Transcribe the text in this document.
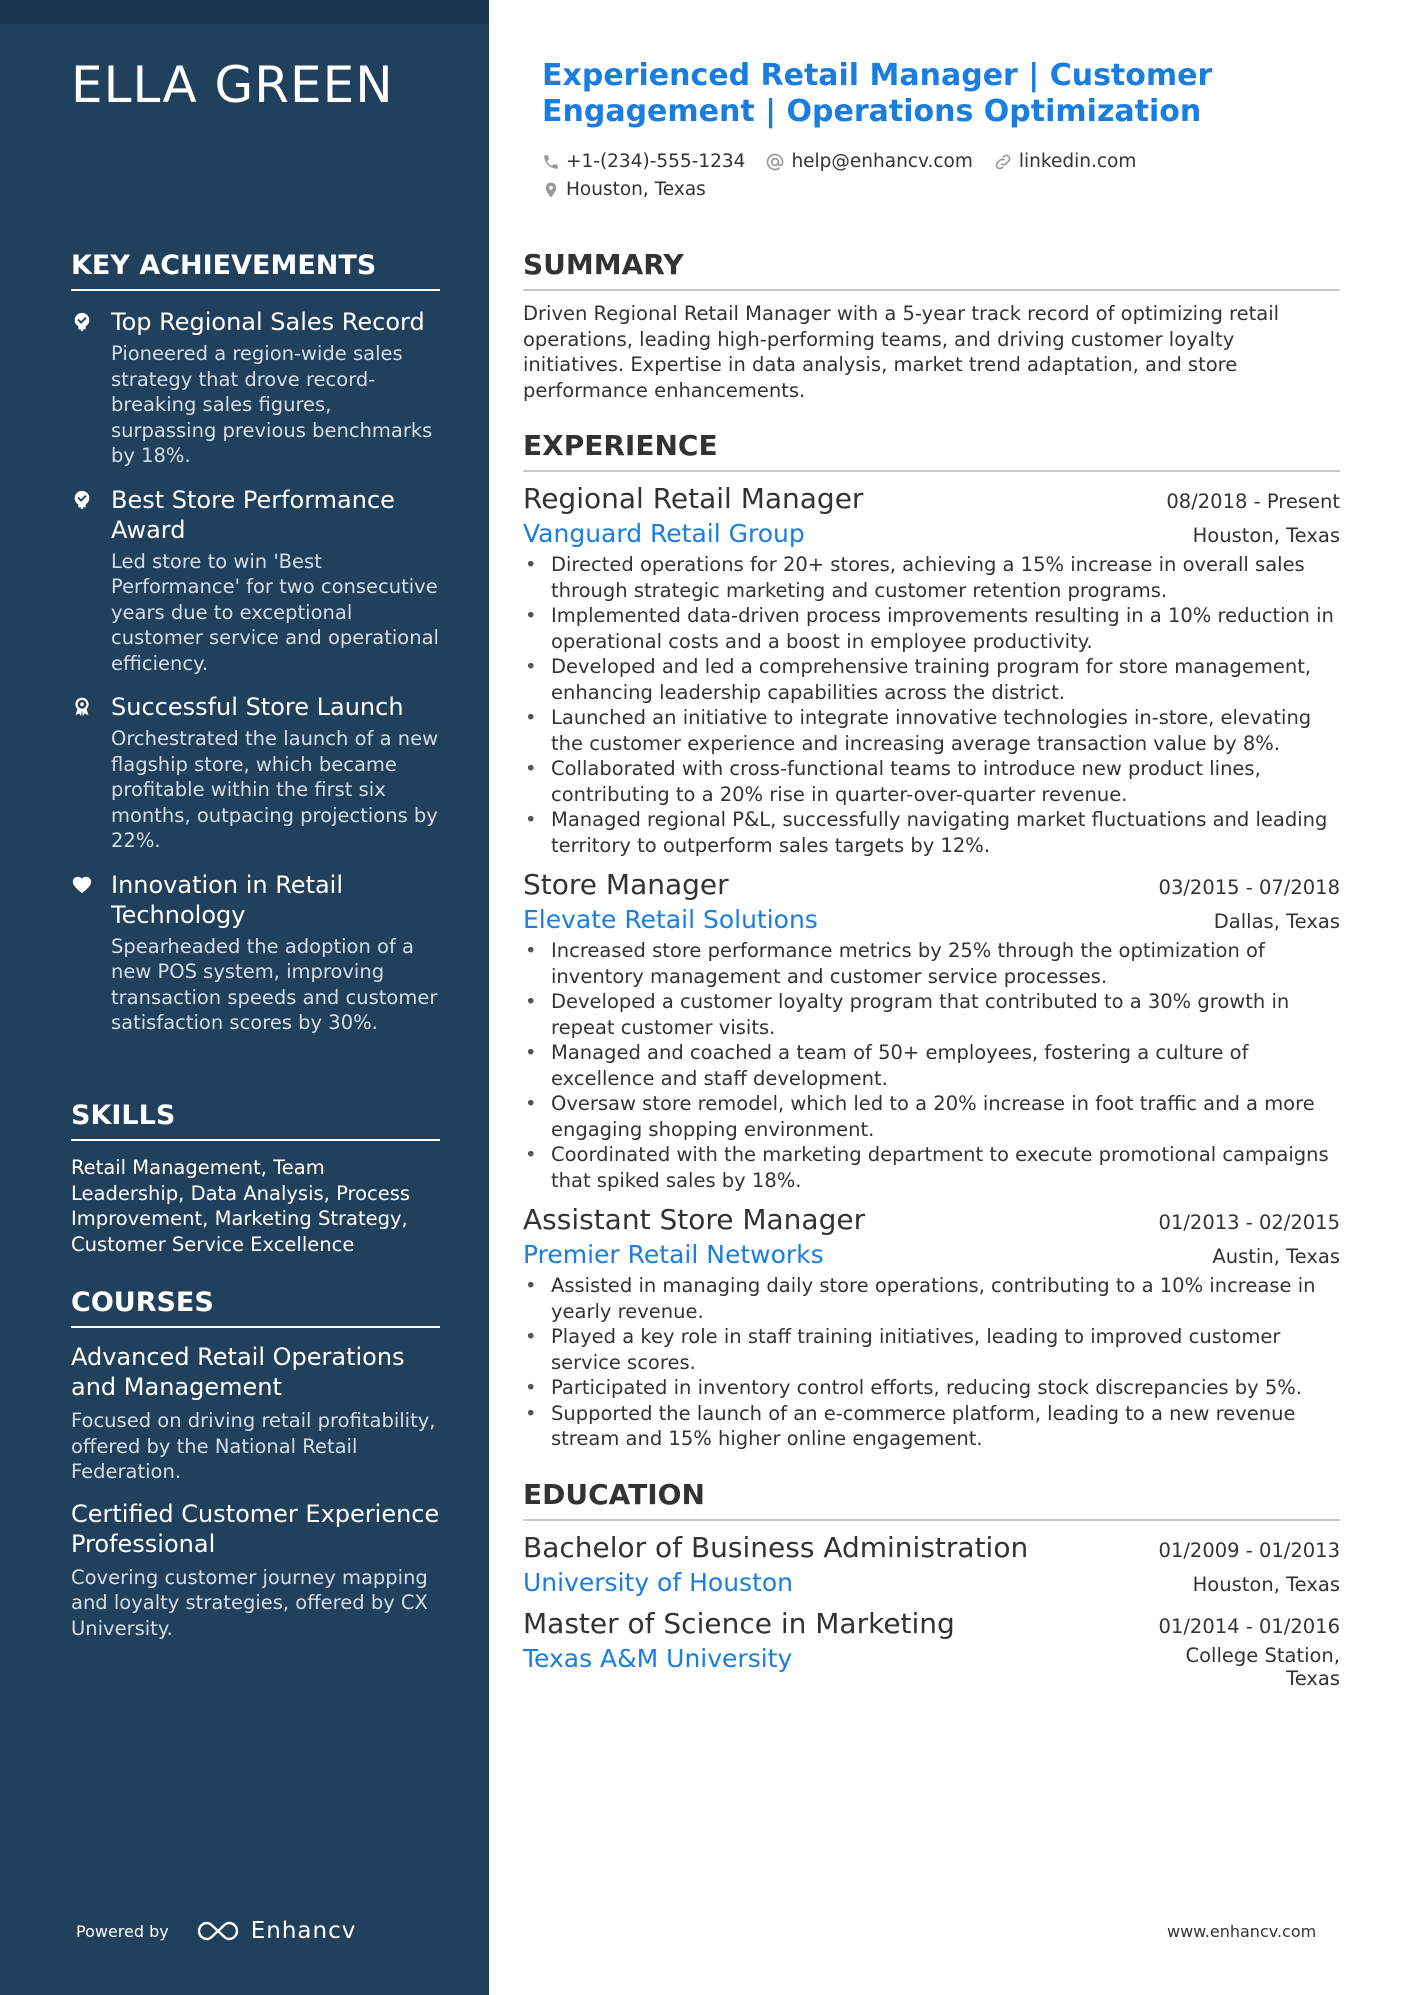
ELLA GREEN
KEY ACHIEVEMENTS
Top Regional Sales Record
Pioneered a region-wide sales strategy that drove record-breaking sales figures, surpassing previous benchmarks by 18%.
Best Store Performance Award
Led store to win 'Best Performance' for two consecutive years due to exceptional customer service and operational efficiency.
Successful Store Launch
Orchestrated the launch of a new flagship store, which became profitable within the first six months, outpacing projections by 22%.
Innovation in Retail Technology
Spearheaded the adoption of a new POS system, improving transaction speeds and customer satisfaction scores by 30%.
SKILLS
Retail Management, Team Leadership, Data Analysis, Process Improvement, Marketing Strategy, Customer Service Excellence
COURSES
Advanced Retail Operations and Management
Focused on driving retail profitability, offered by the National Retail Federation.
Certified Customer Experience Professional
Covering customer journey mapping and loyalty strategies, offered by CX University.
Powered by	Enhancv
Experienced Retail Manager | Customer Engagement | Operations Optimization
+1-(234)-555-1234 help@enhancv.com linkedin.com
Houston, Texas
SUMMARY
Driven Regional Retail Manager with a 5-year track record of optimizing retail operations, leading high-performing teams, and driving customer loyalty initiatives. Expertise in data analysis, market trend adaptation, and store performance enhancements.
EXPERIENCE
Regional Retail Manager	08/2018 - Present
Vanguard Retail Group	Houston, Texas
• Directed operations for 20+ stores, achieving a 15% increase in overall sales through strategic marketing and customer retention programs.
• Implemented data-driven process improvements resulting in a 10% reduction in operational costs and a boost in employee productivity.
• Developed and led a comprehensive training program for store management, enhancing leadership capabilities across the district.
• Launched an initiative to integrate innovative technologies in-store, elevating the customer experience and increasing average transaction value by 8%.
• Collaborated with cross-functional teams to introduce new product lines, contributing to a 20% rise in quarter-over-quarter revenue.
• Managed regional P&L, successfully navigating market fluctuations and leading territory to outperform sales targets by 12%.
Store Manager	03/2015 - 07/2018
Elevate Retail Solutions	Dallas, Texas
• Increased store performance metrics by 25% through the optimization of inventory management and customer service processes.
• Developed a customer loyalty program that contributed to a 30% growth in repeat customer visits.
• Managed and coached a team of 50+ employees, fostering a culture of excellence and staff development.
• Oversaw store remodel, which led to a 20% increase in foot traffic and a more engaging shopping environment.
• Coordinated with the marketing department to execute promotional campaigns that spiked sales by 18%.
Assistant Store Manager	01/2013 - 02/2015
Premier Retail Networks	Austin, Texas
• Assisted in managing daily store operations, contributing to a 10% increase in yearly revenue.
• Played a key role in staff training initiatives, leading to improved customer service scores.
• Participated in inventory control efforts, reducing stock discrepancies by 5%.
• Supported the launch of an e-commerce platform, leading to a new revenue stream and 15% higher online engagement.
EDUCATION
Bachelor of Business Administration	01/2009 - 01/2013
University of Houston	Houston, Texas
Master of Science in Marketing	01/2014 - 01/2016
Texas A&M University	College Station, Texas
www.enhancv.com
